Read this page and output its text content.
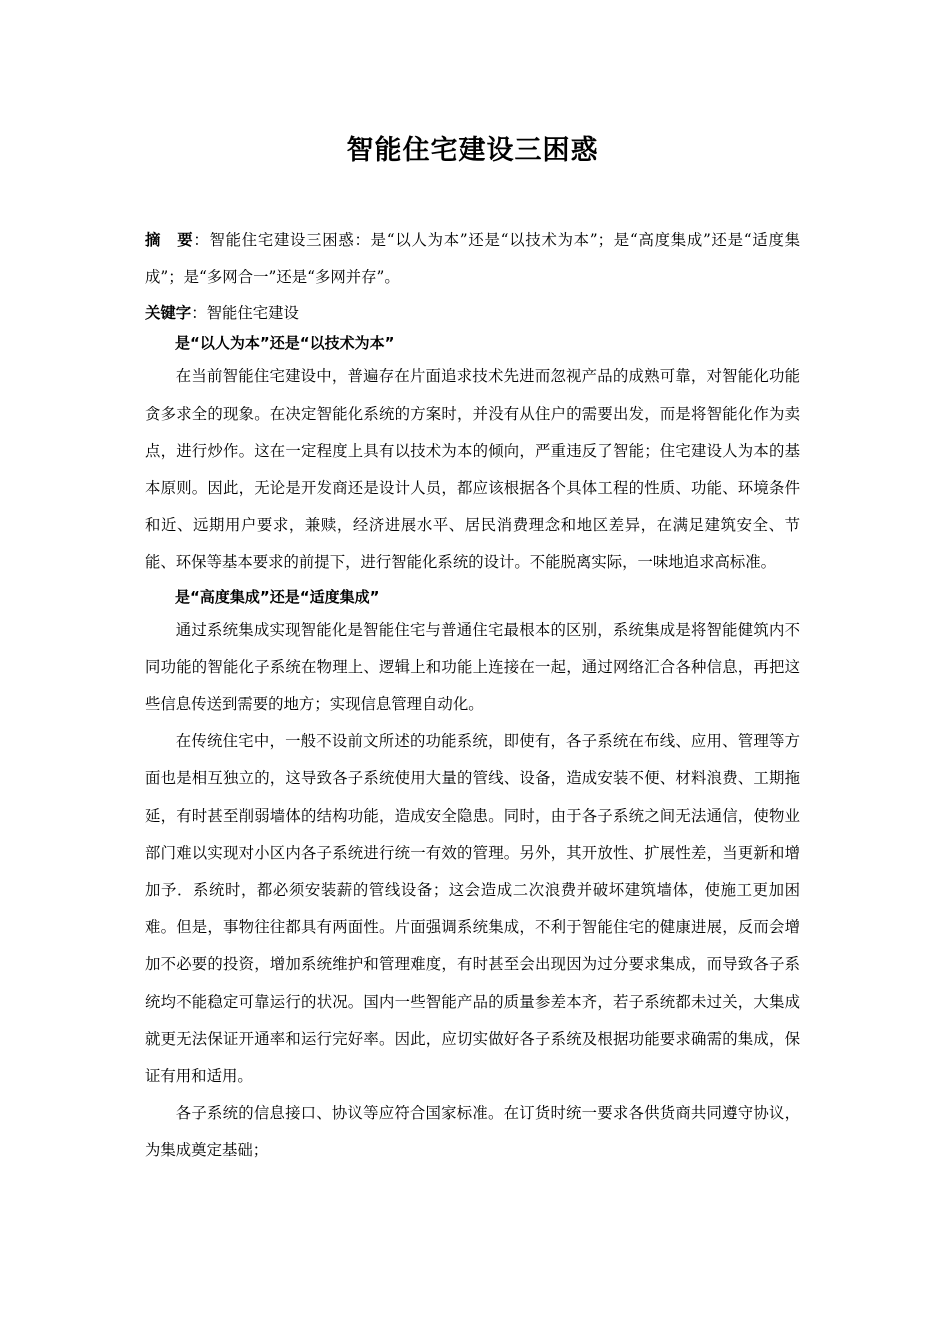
智能住宅建设三困惑

摘　要：智能住宅建设三困惑：是“以人为本”还是“以技术为本”；是“高度集成”还是“适度集成”；是“多网合一”还是“多网并存”。

关键字：智能住宅建设

是“以人为本”还是“以技术为本”

在当前智能住宅建设中，普遍存在片面追求技术先进而忽视产品的成熟可靠，对智能化功能贪多求全的现象。在决定智能化系统的方案时，并没有从住户的需要出发，而是将智能化作为卖点，进行炒作。这在一定程度上具有以技术为本的倾向，严重违反了智能；住宅建设人为本的基本原则。因此，无论是开发商还是设计人员，都应该根据各个具体工程的性质、功能、环境条件和近、远期用户要求，兼赎，经济进展水平、居民消费理念和地区差异，在满足建筑安全、节能、环保等基本要求的前提下，进行智能化系统的设计。不能脱离实际，一味地追求高标准。

是“高度集成”还是“适度集成”

通过系统集成实现智能化是智能住宅与普通住宅最根本的区别，系统集成是将智能健筑内不同功能的智能化子系统在物理上、逻辑上和功能上连接在一起，通过网络汇合各种信息，再把这些信息传送到需要的地方；实现信息管理自动化。

在传统住宅中，一般不设前文所述的功能系统，即使有，各子系统在布线、应用、管理等方面也是相互独立的，这导致各子系统使用大量的管线、设备，造成安装不便、材料浪费、工期拖延，有时甚至削弱墙体的结构功能，造成安全隐患。同时，由于各子系统之间无法通信，使物业部门难以实现对小区内各子系统进行统一有效的管理。另外，其开放性、扩展性差，当更新和增加予．系统时，都必须安装薪的管线设备；这会造成二次浪费并破坏建筑墙体，使施工更加困难。但是，事物往往都具有两面性。片面强调系统集成，不利于智能住宅的健康进展，反而会增加不必要的投资，增加系统维护和管理难度，有时甚至会出现因为过分要求集成，而导致各子系统均不能稳定可靠运行的状况。国内一些智能产品的质量参差本齐，若子系统都未过关，大集成就更无法保证开通率和运行完好率。因此，应切实做好各子系统及根据功能要求确需的集成，保证有用和适用。

各子系统的信息接口、协议等应符合国家标准。在订货时统一要求各供货商共同遵守协议，为集成奠定基础；
